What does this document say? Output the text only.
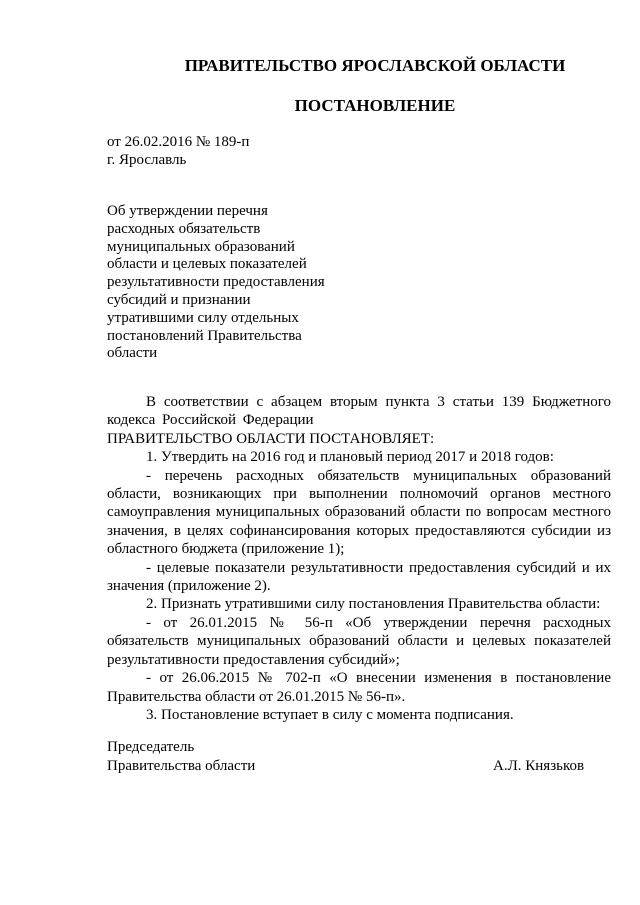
ПРАВИТЕЛЬСТВО ЯРОСЛАВСКОЙ ОБЛАСТИ
ПОСТАНОВЛЕНИЕ
от 26.02.2016 № 189-п
г. Ярославль
Об утверждении перечня
расходных обязательств
муниципальных образований
области и целевых показателей
результативности предоставления
субсидий и признании
утратившими силу отдельных
постановлений Правительства
области

В соответствии с абзацем вторым пункта 3 статьи 139 Бюджетного кодекса Российской Федерации

ПРАВИТЕЛЬСТВО ОБЛАСТИ ПОСТАНОВЛЯЕТ:

1. Утвердить на 2016 год и плановый период 2017 и 2018 годов:

- перечень расходных обязательств муниципальных образований области, возникающих при выполнении полномочий органов местного самоуправления муниципальных образований области по вопросам местного значения, в целях софинансирования которых предоставляются субсидии из областного бюджета (приложение 1);

- целевые показатели результативности предоставления субсидий и их значения (приложение 2).

2. Признать утратившими силу постановления Правительства области:

- от 26.01.2015 № 56-п «Об утверждении перечня расходных обязательств муниципальных образований области и целевых показателей результативности предоставления субсидий»;

- от 26.06.2015 № 702-п «О внесении изменения в постановление Правительства области от 26.01.2015 № 56-п».

3. Постановление вступает в силу с момента подписания.

Председатель
Правительства области	А.Л. Князьков
